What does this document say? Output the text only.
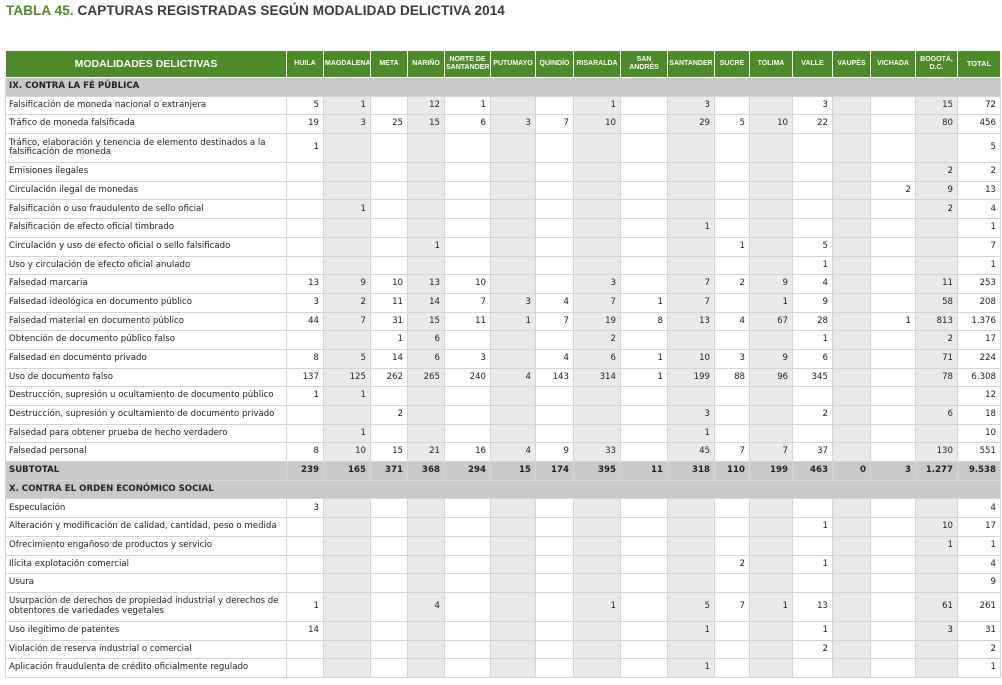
TABLA 45. CAPTURAS REGISTRADAS SEGÚN MODALIDAD DELICTIVA 2014
MODALIDADES DELICTIVAS	HUILA	MAGDALENA	META	NARIÑO	NORTE DE SANTANDER	PUTUMAYO	QUINDÍO	RISARALDA	SAN ANDRÉS	SANTANDER	SUCRE	TOLIMA	VALLE	VAUPÉS	VICHADA	BOGOTÁ, D.C.	TOTAL
IX. CONTRA LA FÉ PÚBLICA																	
Falsificación de moneda nacional o extranjera	5	1		12	1			1		3			3			15	72
Tráfico de moneda falsificada	19	3	25	15	6	3	7	10		29	5	10	22			80	456
Tráfico, elaboración y tenencia de elemento destinados a la falsificación de moneda	1																5
Emisiones ilegales																2	2
Circulación ilegal de monedas															2	9	13
Falsificación o uso fraudulento de sello oficial		1														2	4
Falsificación de efecto oficial timbrado										1							1
Circulación y uso de efecto oficial o sello falsificado				1							1		5				7
Uso y circulación de efecto oficial anulado													1				1
Falsedad marcaria	13	9	10	13	10			3		7	2	9	4			11	253
Falsedad ideológica en documento público	3	2	11	14	7	3	4	7	1	7		1	9			58	208
Falsedad material en documento público	44	7	31	15	11	1	7	19	8	13	4	67	28		1	813	1.376
Obtención de documento público falso			1	6				2					1			2	17
Falsedad en documento privado	8	5	14	6	3		4	6	1	10	3	9	6			71	224
Uso de documento falso	137	125	262	265	240	4	143	314	1	199	88	96	345			78	6.308
Destrucción, supresión u ocultamiento de documento público	1	1															12
Destrucción, supresión y ocultamiento de documento privado			2							3			2			6	18
Falsedad para obtener prueba de hecho verdadero		1								1							10
Falsedad personal	8	10	15	21	16	4	9	33		45	7	7	37			130	551
SUBTOTAL	239	165	371	368	294	15	174	395	11	318	110	199	463	0	3	1.277	9.538
X. CONTRA EL ORDEN ECONÓMICO SOCIAL																	
Especulación	3																4
Alteración y modificación de calidad, cantidad, peso o medida													1			10	17
Ofrecimiento engañoso de productos y servicio																1	1
Ilícita explotación comercial											2		1				4
Usura																	9
Usurpación de derechos de propiedad industrial y derechos de obtentores de variedades vegetales	1			4				1		5	7	1	13			61	261
Uso ilegítimo de patentes	14									1			1			3	31
Violación de reserva industrial o comercial													2				2
Aplicación fraudulenta de crédito oficialmente regulado										1							1
